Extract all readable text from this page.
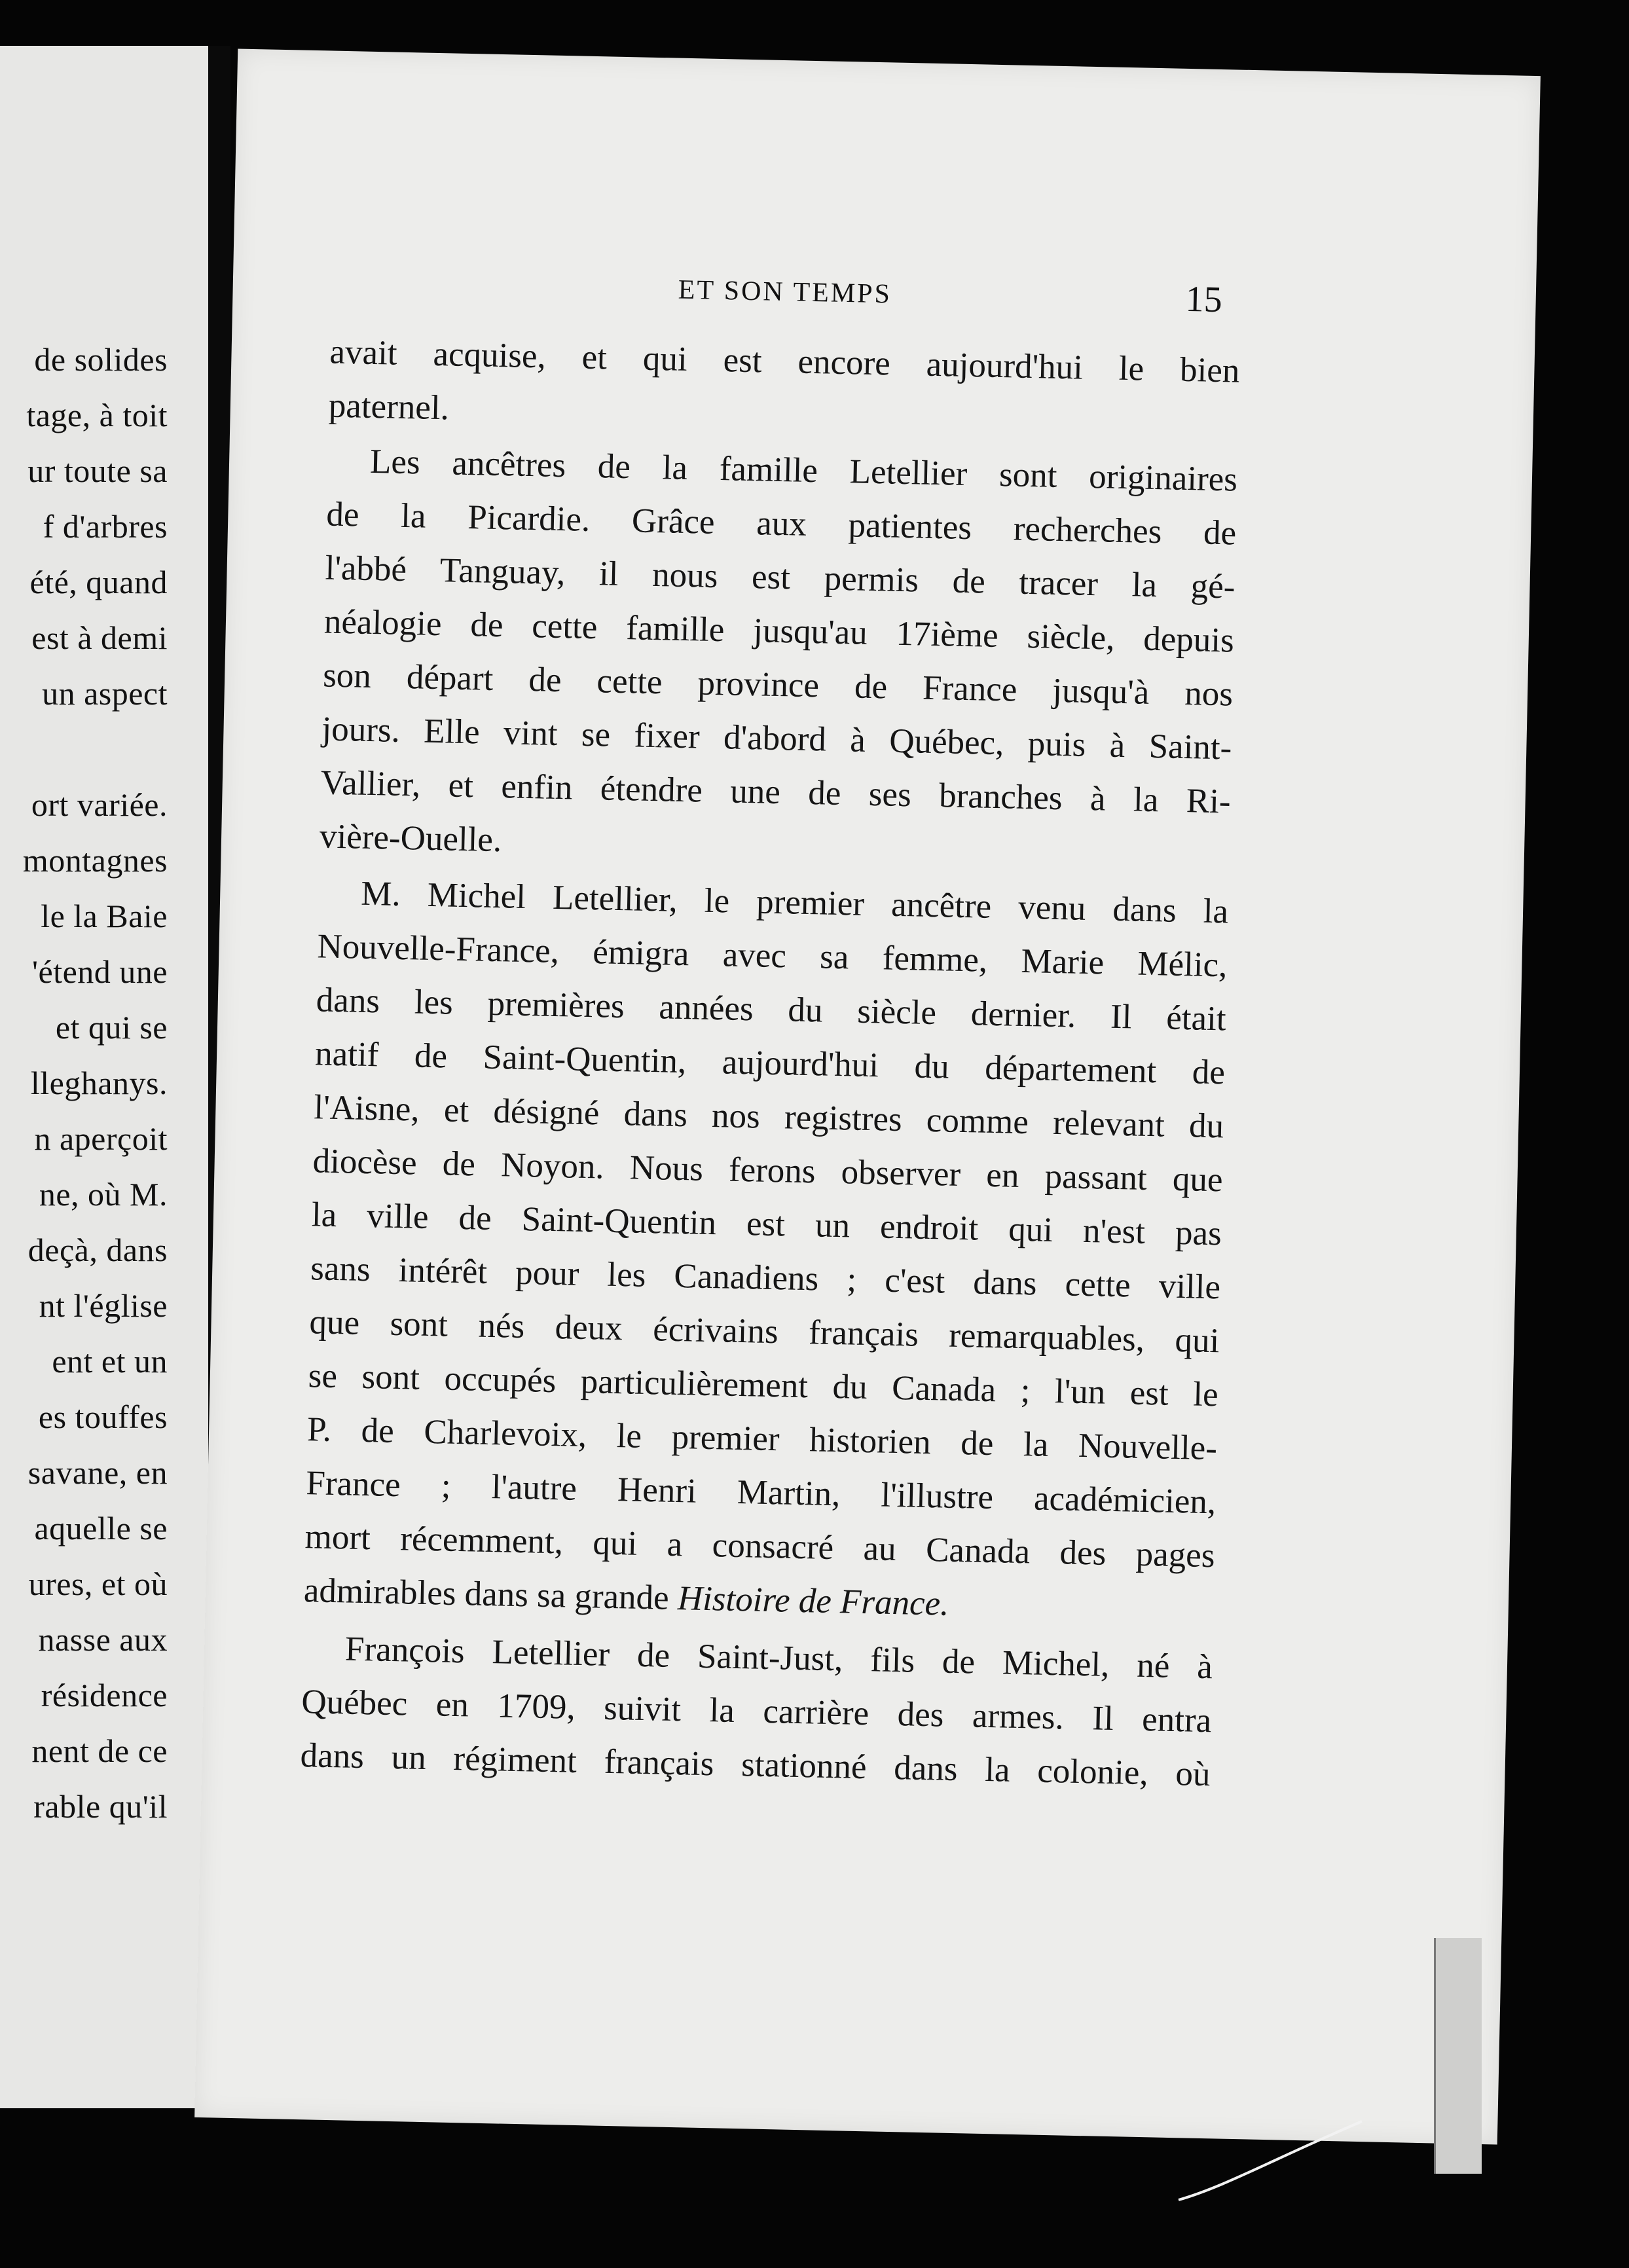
de solides
tage, à toit
ur toute sa
f d'arbres
été, quand
est à demi
un aspect
ort variée.
montagnes
le la Baie
'étend une
et qui se
lleghanys.
n aperçoit
ne, où M.
deçà, dans
nt l'église
ent et un
es touffes
savane, en
aquelle se
ures, et où
nasse aux
résidence
nent de ce
rable qu'il
ET SON TEMPS	15
avait acquise, et qui est encore aujourd'hui le bien
paternel.
Les ancêtres de la famille Letellier sont originaires
de la Picardie. Grâce aux patientes recherches de
l'abbé Tanguay, il nous est permis de tracer la gé-
néalogie de cette famille jusqu'au 17ième siècle, depuis
son départ de cette province de France jusqu'à nos
jours. Elle vint se fixer d'abord à Québec, puis à Saint-
Vallier, et enfin étendre une de ses branches à la Ri-
vière-Ouelle.
M. Michel Letellier, le premier ancêtre venu dans la
Nouvelle-France, émigra avec sa femme, Marie Mélic,
dans les premières années du siècle dernier. Il était
natif de Saint-Quentin, aujourd'hui du département de
l'Aisne, et désigné dans nos registres comme relevant du
diocèse de Noyon. Nous ferons observer en passant que
la ville de Saint-Quentin est un endroit qui n'est pas
sans intérêt pour les Canadiens ; c'est dans cette ville
que sont nés deux écrivains français remarquables, qui
se sont occupés particulièrement du Canada ; l'un est le
P. de Charlevoix, le premier historien de la Nouvelle-
France ; l'autre Henri Martin, l'illustre académicien,
mort récemment, qui a consacré au Canada des pages
admirables dans sa grande Histoire de France.
François Letellier de Saint-Just, fils de Michel, né à
Québec en 1709, suivit la carrière des armes. Il entra
dans un régiment français stationné dans la colonie, où
